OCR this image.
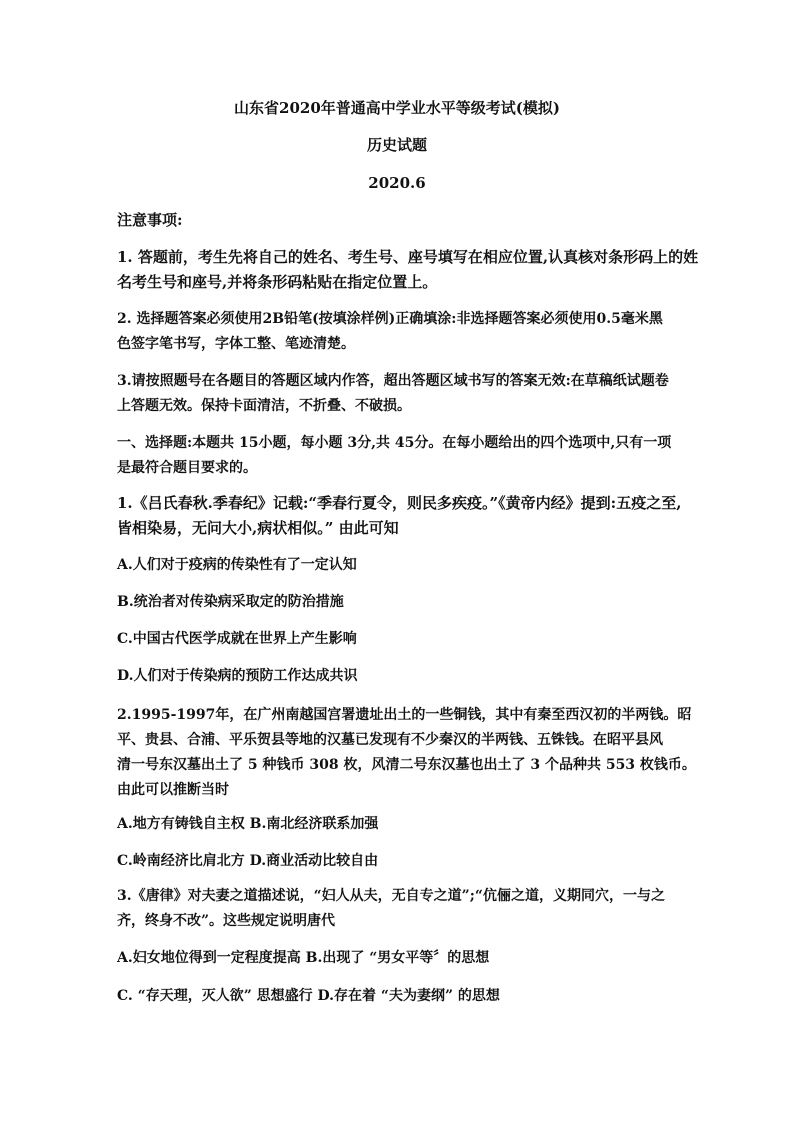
山东省2020年普通高中学业水平等级考试(模拟)
历史试题
2020.6
注意事项:
1. 答题前，考生先将自己的姓名、考生号、座号填写在相应位置,认真核对条形码上的姓
名考生号和座号,并将条形码粘贴在指定位置上。
2. 选择题答案必须使用2B铅笔(按填涂样例)正确填涂:非选择题答案必须使用0.5毫米黑
色签字笔书写，字体工整、笔迹清楚。
3.请按照题号在各题目的答题区域内作答，超出答题区域书写的答案无效:在草稿纸试题卷
上答题无效。保持卡面清洁，不折叠、不破损。
一、选择题:本题共 15小题，每小题 3分,共 45分。在每小题给出的四个选项中,只有一项
是最符合题目要求的。
1.《吕氏春秋.季春纪》记载:“季春行夏令，则民多疾疫。”《黄帝内经》提到:五疫之至,
皆相染易，无问大小,病状相似。” 由此可知
A.人们对于疫病的传染性有了一定认知
B.统治者对传染病采取定的防治措施
C.中国古代医学成就在世界上产生影响
D.人们对于传染病的预防工作达成共识
2.1995-1997年，在广州南越国宫署遗址出土的一些铜钱，其中有秦至西汉初的半两钱。昭
平、贵县、合浦、平乐贺县等地的汉墓已发现有不少秦汉的半两钱、五铢钱。在昭平县风
清一号东汉墓出土了 5 种钱币 308 枚，风清二号东汉墓也出土了 3 个品种共 553 枚钱币。
由此可以推断当时
A.地方有铸钱自主权 B.南北经济联系加强
C.岭南经济比肩北方 D.商业活动比较自由
3.《唐律》对夫妻之道描述说，“妇人从夫，无自专之道”;“伉俪之道，义期同穴，一与之
齐，终身不改”。这些规定说明唐代
A.妇女地位得到一定程度提高 B.出现了 “男女平等〞的思想
C. “存天理，灭人欲” 思想盛行 D.存在着 “夫为妻纲” 的思想
